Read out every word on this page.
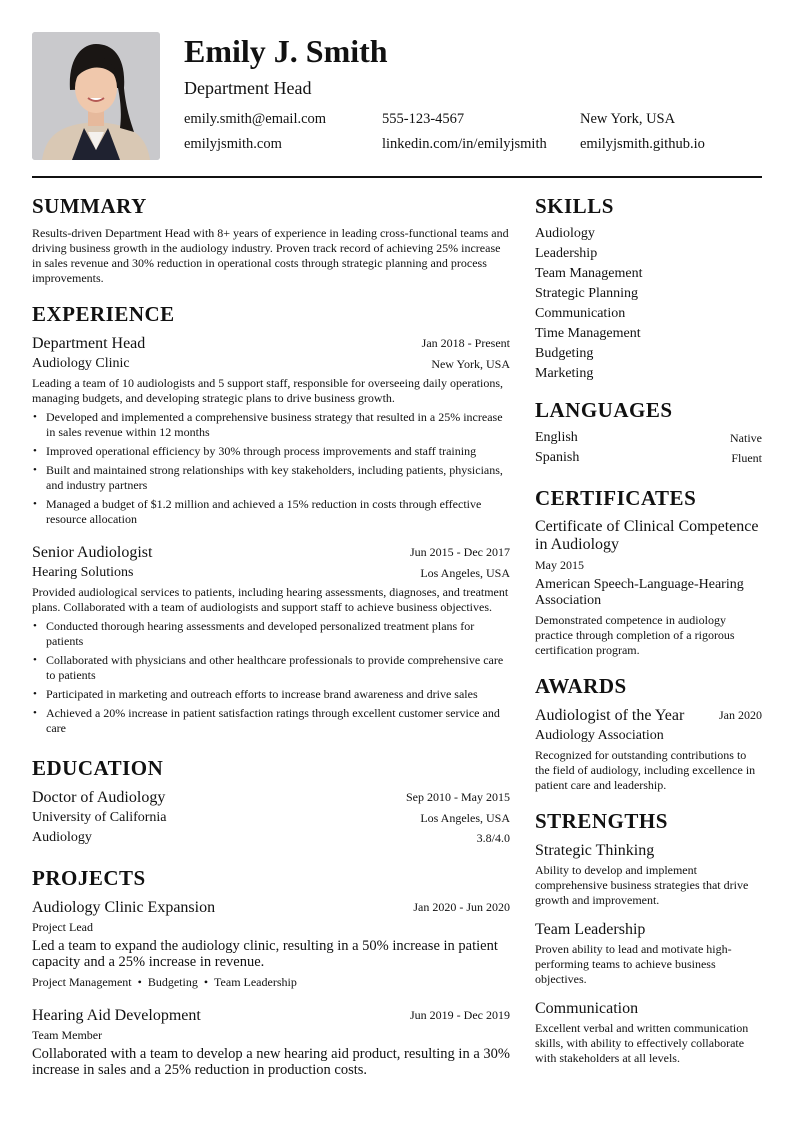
Emily J. Smith
Department Head
emily.smith@email.com	555-123-4567	New York, USA
emilyjsmith.com	linkedin.com/in/emilyjsmith emilyjsmith.github.io
SUMMARY
Results-driven Department Head with 8+ years of experience in leading cross-functional teams and driving business growth in the audiology industry. Proven track record of achieving 25% increase in sales revenue and 30% reduction in operational costs through strategic planning and process improvements.
EXPERIENCE
Department Head	Jan 2018 - Present
Audiology Clinic	New York, USA
Leading a team of 10 audiologists and 5 support staff, responsible for overseeing daily operations, managing budgets, and developing strategic plans to drive business growth.
• Developed and implemented a comprehensive business strategy that resulted in a 25% increase in sales revenue within 12 months
• Improved operational efficiency by 30% through process improvements and staff training
• Built and maintained strong relationships with key stakeholders, including patients, physicians, and industry partners
• Managed a budget of $1.2 million and achieved a 15% reduction in costs through effective resource allocation
Senior Audiologist	Jun 2015 - Dec 2017
Hearing Solutions	Los Angeles, USA
Provided audiological services to patients, including hearing assessments, diagnoses, and treatment plans. Collaborated with a team of audiologists and support staff to achieve business objectives.
• Conducted thorough hearing assessments and developed personalized treatment plans for patients
• Collaborated with physicians and other healthcare professionals to provide comprehensive care to patients
• Participated in marketing and outreach efforts to increase brand awareness and drive sales
• Achieved a 20% increase in patient satisfaction ratings through excellent customer service and care
EDUCATION
Doctor of Audiology	Sep 2010 - May 2015
University of California	Los Angeles, USA
Audiology	3.8/4.0
PROJECTS
Audiology Clinic Expansion	Jan 2020 - Jun 2020
Project Lead
Led a team to expand the audiology clinic, resulting in a 50% increase in patient capacity and a 25% increase in revenue.
Project Management  •  Budgeting  •  Team Leadership
Hearing Aid Development	Jun 2019 - Dec 2019
Team Member
Collaborated with a team to develop a new hearing aid product, resulting in a 30% increase in sales and a 25% reduction in production costs.
SKILLS
Audiology
Leadership
Team Management
Strategic Planning
Communication
Time Management
Budgeting
Marketing
LANGUAGES
English	Native
Spanish	Fluent
CERTIFICATES
Certificate of Clinical Competence in Audiology
May 2015
American Speech-Language-Hearing Association
Demonstrated competence in audiology practice through completion of a rigorous certification program.
AWARDS
Audiologist of the Year	Jan 2020
Audiology Association
Recognized for outstanding contributions to the field of audiology, including excellence in patient care and leadership.
STRENGTHS
Strategic Thinking
Ability to develop and implement comprehensive business strategies that drive growth and improvement.
Team Leadership
Proven ability to lead and motivate high-performing teams to achieve business objectives.
Communication
Excellent verbal and written communication skills, with ability to effectively collaborate with stakeholders at all levels.
